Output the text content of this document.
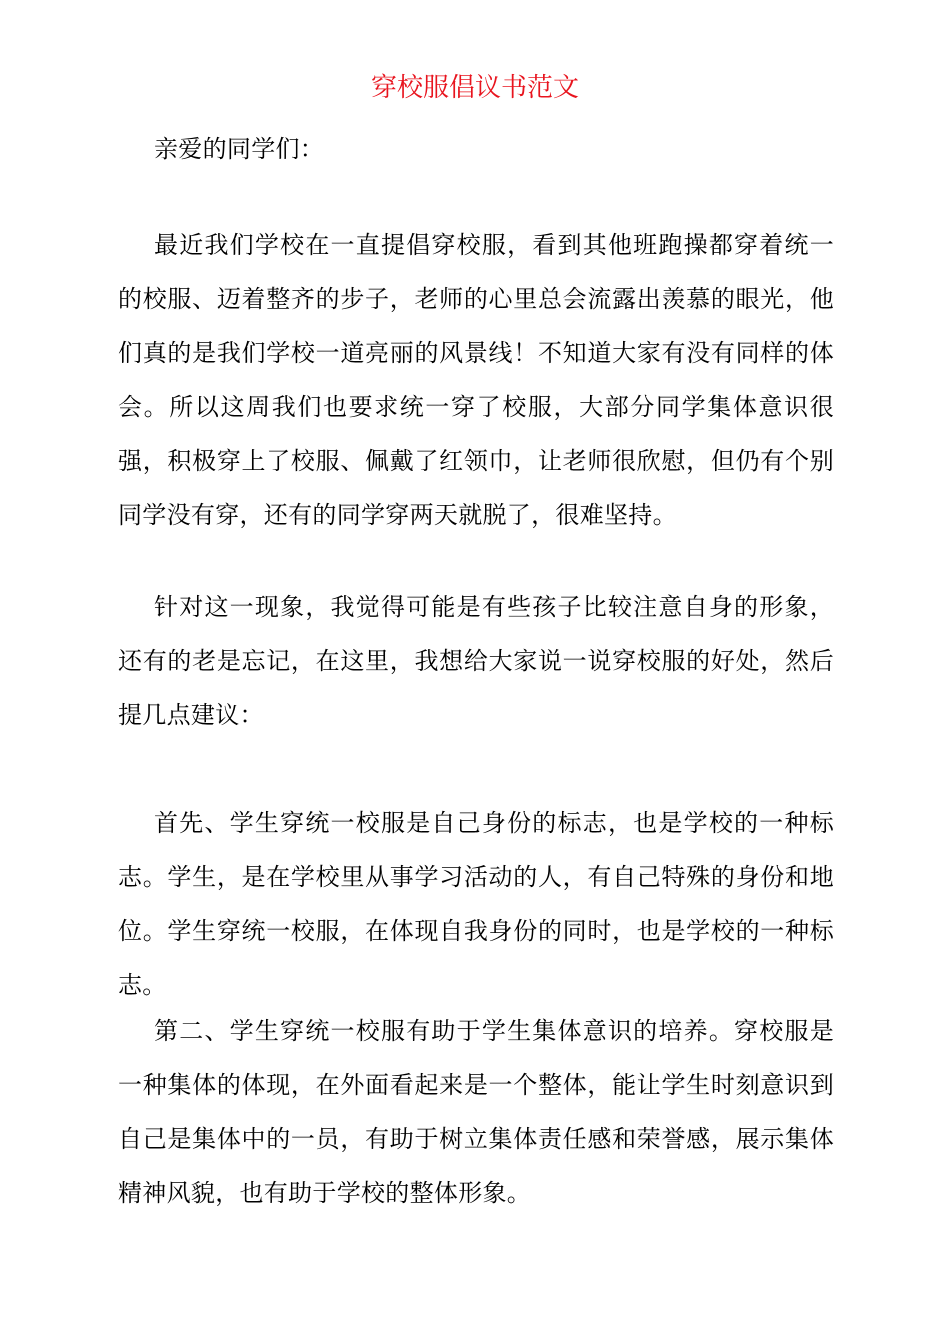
穿校服倡议书范文

亲爱的同学们：

最近我们学校在一直提倡穿校服，看到其他班跑操都穿着统一的校服、迈着整齐的步子，老师的心里总会流露出羡慕的眼光，他们真的是我们学校一道亮丽的风景线！不知道大家有没有同样的体会。所以这周我们也要求统一穿了校服，大部分同学集体意识很强，积极穿上了校服、佩戴了红领巾，让老师很欣慰，但仍有个别同学没有穿，还有的同学穿两天就脱了，很难坚持。

针对这一现象，我觉得可能是有些孩子比较注意自身的形象，还有的老是忘记，在这里，我想给大家说一说穿校服的好处，然后提几点建议：

首先、学生穿统一校服是自己身份的标志，也是学校的一种标志。学生，是在学校里从事学习活动的人，有自己特殊的身份和地位。学生穿统一校服，在体现自我身份的同时，也是学校的一种标志。

第二、学生穿统一校服有助于学生集体意识的培养。穿校服是一种集体的体现，在外面看起来是一个整体，能让学生时刻意识到自己是集体中的一员，有助于树立集体责任感和荣誉感，展示集体精神风貌，也有助于学校的整体形象。
